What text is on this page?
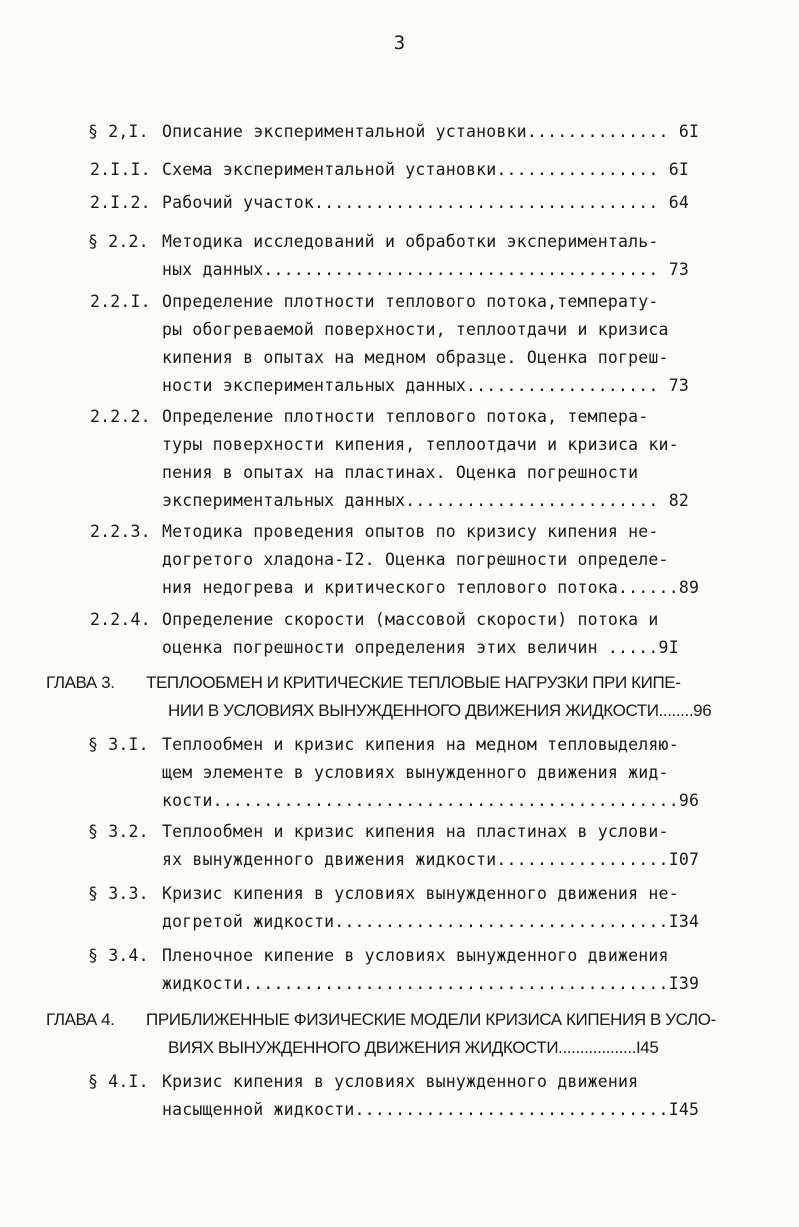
3
§ 2,I. Описание экспериментальной установки.............. 6I
2.I.I. Схема экспериментальной установки................ 6I
2.I.2. Рабочий участок.................................. 64
§ 2.2. Методика исследований и обработки эксперименталь-
ных данных....................................... 73
2.2.I. Определение плотности теплового потока,температу-
ры обогреваемой поверхности, теплоотдачи и кризиса
кипения в опытах на медном образце. Оценка погреш-
ности экспериментальных данных................... 73
2.2.2. Определение плотности теплового потока, темпера-
туры поверхности кипения, теплоотдачи и кризиса ки-
пения в опытах на пластинах. Оценка погрешности
экспериментальных данных......................... 82
2.2.3. Методика проведения опытов по кризису кипения не-
догретого хладона-I2. Оценка погрешности определе-
ния недогрева и критического теплового потока......89
2.2.4. Определение скорости (массовой скорости) потока и
оценка погрешности определения этих величин .....9I
ГЛАВА 3. ТЕПЛООБМЕН И КРИТИЧЕСКИЕ ТЕПЛОВЫЕ НАГРУЗКИ ПРИ КИПЕ-
НИИ В УСЛОВИЯХ ВЫНУЖДЕННОГО ДВИЖЕНИЯ ЖИДКОСТИ........96
§ 3.I. Теплообмен и кризис кипения на медном тепловыделяю-
щем элементе в условиях вынужденного движения жид-
кости..............................................96
§ 3.2. Теплообмен и кризис кипения на пластинах в услови-
ях вынужденного движения жидкости.................I07
§ 3.3. Кризис кипения в условиях вынужденного движения не-
догретой жидкости.................................I34
§ 3.4. Пленочное кипение в условиях вынужденного движения
жидкости..........................................I39
ГЛАВА 4. ПРИБЛИЖЕННЫЕ ФИЗИЧЕСКИЕ МОДЕЛИ КРИЗИСА КИПЕНИЯ В УСЛО-
ВИЯХ ВЫНУЖДЕННОГО ДВИЖЕНИЯ ЖИДКОСТИ..................I45
§ 4.I. Кризис кипения в условиях вынужденного движения
насыщенной жидкости...............................I45
